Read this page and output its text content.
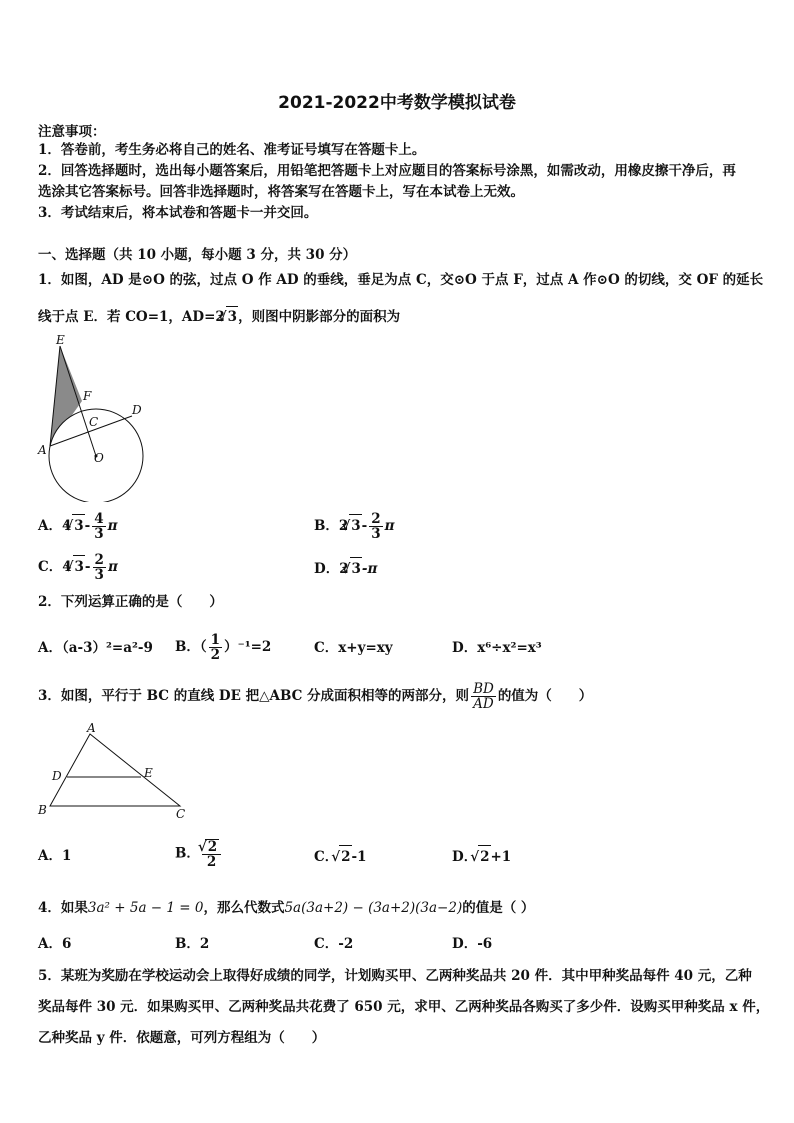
2021-2022中考数学模拟试卷
注意事项：
1．答卷前，考生务必将自己的姓名、准考证号填写在答题卡上。
2．回答选择题时，选出每小题答案后，用铅笔把答题卡上对应题目的答案标号涂黑，如需改动，用橡皮擦干净后，再
选涂其它答案标号。回答非选择题时，将答案写在答题卡上，写在本试卷上无效。
3．考试结束后，将本试卷和答题卡一并交回。
一、选择题（共 10 小题，每小题 3 分，共 30 分）
1．如图，AD 是⊙O 的弦，过点 O 作 AD 的垂线，垂足为点 C，交⊙O 于点 F，过点 A 作⊙O 的切线，交 OF 的延长
线于点 E．若 CO=1，AD=2 √ 3，则图中阴影部分的面积为
E
F
C
D
A
O
A．4 √ $3- \frac{4}{3}$ π	B．2 √ $3- \frac{2}{3}$ π
C．4 √ $3- \frac{2}{3}$ π	D．2 √ 3-π
2．下列运算正确的是（　　）
A．（a-3）²=a²-9 B．（ $\frac{1}{2} )^{-1}=2$	C．x+y=xy	D．x⁶÷x²=x³
3．如图，平行于 BC 的直线 DE 把△ABC 分成面积相等的两部分，则 $\frac{BD}{AD}$ 的值为（　　）
A
D	E
B	C
A．1	B． √ $\frac{2}{2}$	C． √ 2-1	D． √ 2+1
4．如果3a² + 5a − 1 = 0，那么代数式5a(3a+2) − (3a+2)(3a−2)的值是（ ）
A．6	B．2	C．-2	D．-6
5．某班为奖励在学校运动会上取得好成绩的同学，计划购买甲、乙两种奖品共 20 件．其中甲种奖品每件 40 元，乙种
奖品每件 30 元．如果购买甲、乙两种奖品共花费了 650 元，求甲、乙两种奖品各购买了多少件．设购买甲种奖品 x 件，
乙种奖品 y 件．依题意，可列方程组为（　　）
